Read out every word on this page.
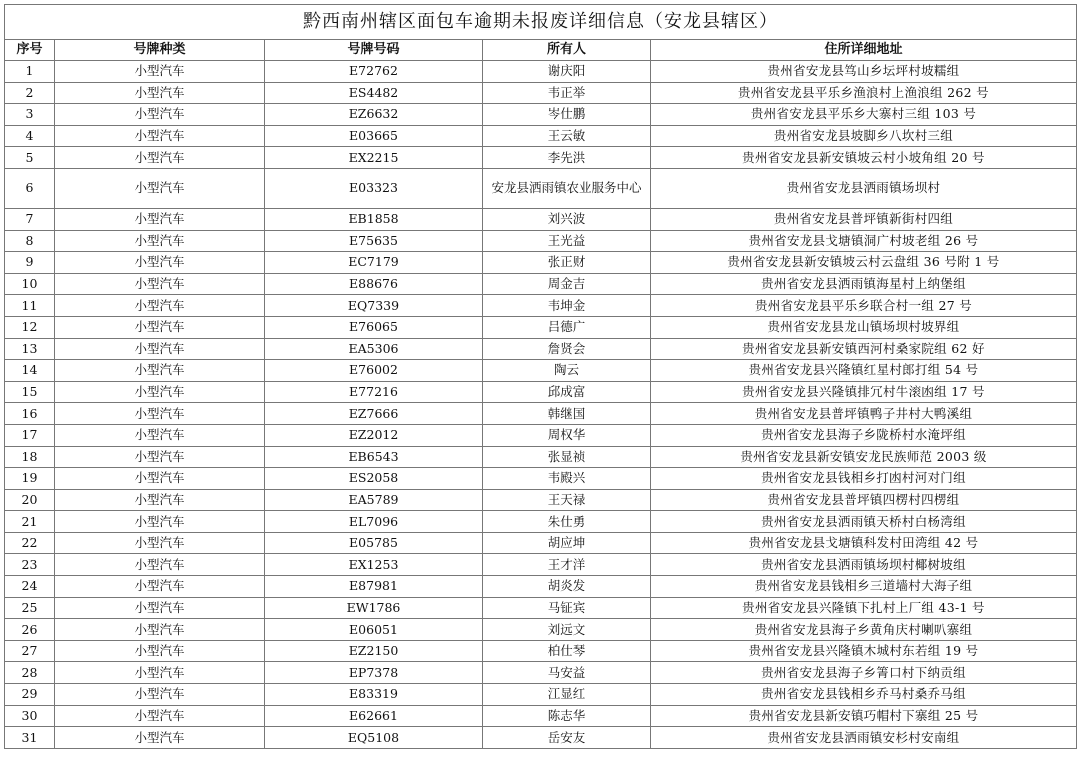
黔西南州辖区面包车逾期未报废详细信息（安龙县辖区）				
序号	号牌种类	号牌号码	所有人	住所详细地址
1	小型汽车	E72762	谢庆阳	贵州省安龙县笃山乡坛坪村坡糯组
2	小型汽车	ES4482	韦正举	贵州省安龙县平乐乡渔浪村上渔浪组 262 号
3	小型汽车	EZ6632	岑仕鹏	贵州省安龙县平乐乡大寨村三组 103 号
4	小型汽车	E03665	王云敏	贵州省安龙县坡脚乡八坎村三组
5	小型汽车	EX2215	李先洪	贵州省安龙县新安镇坡云村小坡角组 20 号
6	小型汽车	E03323	安龙县洒雨镇农业服务中心	贵州省安龙县洒雨镇场坝村
7	小型汽车	EB1858	刘兴波	贵州省安龙县普坪镇新街村四组
8	小型汽车	E75635	王光益	贵州省安龙县戈塘镇洞广村坡老组 26 号
9	小型汽车	EC7179	张正财	贵州省安龙县新安镇坡云村云盘组 36 号附 1 号
10	小型汽车	E88676	周金吉	贵州省安龙县洒雨镇海星村上纳堡组
11	小型汽车	EQ7339	韦坤金	贵州省安龙县平乐乡联合村一组 27 号
12	小型汽车	E76065	吕德广	贵州省安龙县龙山镇场坝村坡界组
13	小型汽车	EA5306	詹贤会	贵州省安龙县新安镇西河村桑家院组 62 好
14	小型汽车	E76002	陶云	贵州省安龙县兴隆镇红星村郎打组 54 号
15	小型汽车	E77216	邱成富	贵州省安龙县兴隆镇排冗村牛滚凼组 17 号
16	小型汽车	EZ7666	韩继国	贵州省安龙县普坪镇鸭子井村大鸭溪组
17	小型汽车	EZ2012	周权华	贵州省安龙县海子乡陇桥村水淹坪组
18	小型汽车	EB6543	张显祯	贵州省安龙县新安镇安龙民族师范 2003 级
19	小型汽车	ES2058	韦殿兴	贵州省安龙县钱相乡打凼村河对门组
20	小型汽车	EA5789	王天禄	贵州省安龙县普坪镇四楞村四楞组
21	小型汽车	EL7096	朱仕勇	贵州省安龙县洒雨镇天桥村白杨湾组
22	小型汽车	E05785	胡应坤	贵州省安龙县戈塘镇科发村田湾组 42 号
23	小型汽车	EX1253	王才洋	贵州省安龙县洒雨镇场坝村椰树坡组
24	小型汽车	E87981	胡炎发	贵州省安龙县钱相乡三道墙村大海子组
25	小型汽车	EW1786	马钲宾	贵州省安龙县兴隆镇下扎村上厂组 43-1 号
26	小型汽车	E06051	刘远文	贵州省安龙县海子乡黄角庆村喇叭寨组
27	小型汽车	EZ2150	柏仕琴	贵州省安龙县兴隆镇木城村东若组 19 号
28	小型汽车	EP7378	马安益	贵州省安龙县海子乡箐口村下纳贡组
29	小型汽车	E83319	江显红	贵州省安龙县钱相乡乔马村桑乔马组
30	小型汽车	E62661	陈志华	贵州省安龙县新安镇巧帽村下寨组 25 号
31	小型汽车	EQ5108	岳安友	贵州省安龙县洒雨镇安杉村安南组
